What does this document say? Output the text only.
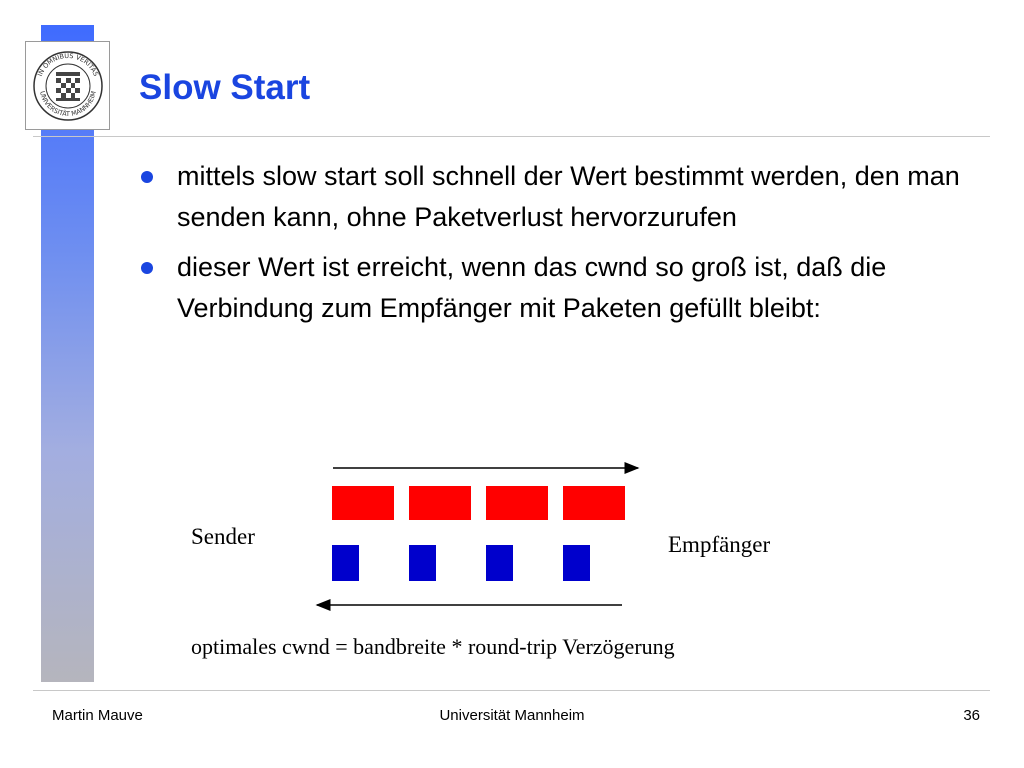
IN OMNIBUS VERITAS
UNIVERSITÄT MANNHEIM Slow Start
mittels slow start soll schnell der Wert bestimmt werden, den man senden kann, ohne Paketverlust hervorzurufen
dieser Wert ist erreicht, wenn das cwnd so groß ist, daß die Verbindung zum Empfänger mit Paketen gefüllt bleibt:
Sender	Empfänger
optimales cwnd = bandbreite * round-trip Verzögerung
Martin Mauve	Universität Mannheim	36
